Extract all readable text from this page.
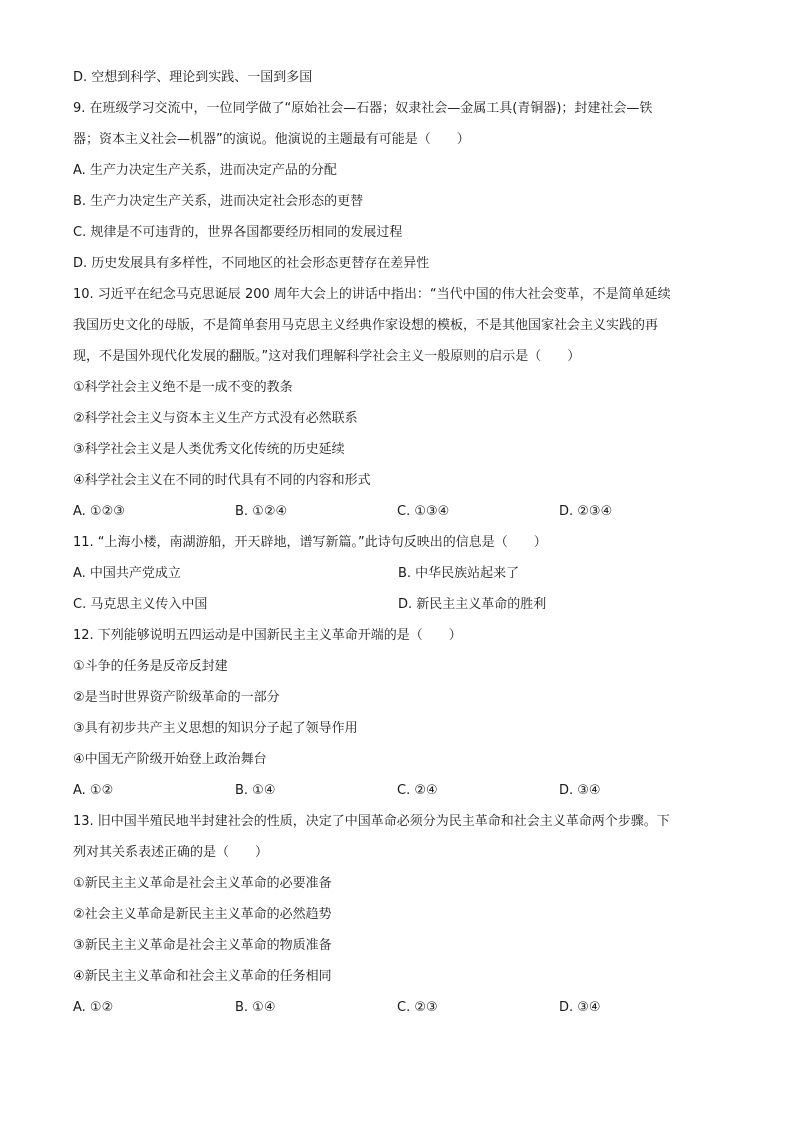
D. 空想到科学、理论到实践、一国到多国
9. 在班级学习交流中，一位同学做了“原始社会—石器；奴隶社会—金属工具(青铜器)；封建社会—铁
器；资本主义社会—机器”的演说。他演说的主题最有可能是（　　）
A. 生产力决定生产关系，进而决定产品的分配
B. 生产力决定生产关系，进而决定社会形态的更替
C. 规律是不可违背的，世界各国都要经历相同的发展过程
D. 历史发展具有多样性，不同地区的社会形态更替存在差异性
10. 习近平在纪念马克思诞辰 200 周年大会上的讲话中指出：“当代中国的伟大社会变革，不是简单延续
我国历史文化的母版，不是简单套用马克思主义经典作家设想的模板，不是其他国家社会主义实践的再
现，不是国外现代化发展的翻版。”这对我们理解科学社会主义一般原则的启示是（　　）
①科学社会主义绝不是一成不变的教条
②科学社会主义与资本主义生产方式没有必然联系
③科学社会主义是人类优秀文化传统的历史延续
④科学社会主义在不同的时代具有不同的内容和形式
A. ①②③	B. ①②④	C. ①③④	D. ②③④
11. “上海小楼，南湖游船，开天辟地，谱写新篇。”此诗句反映出的信息是（　　）
A. 中国共产党成立	B. 中华民族站起来了
C. 马克思主义传入中国	D. 新民主主义革命的胜利
12. 下列能够说明五四运动是中国新民主主义革命开端的是（　　）
①斗争的任务是反帝反封建
②是当时世界资产阶级革命的一部分
③具有初步共产主义思想的知识分子起了领导作用
④中国无产阶级开始登上政治舞台
A. ①②	B. ①④	C. ②④	D. ③④
13. 旧中国半殖民地半封建社会的性质，决定了中国革命必须分为民主革命和社会主义革命两个步骤。下
列对其关系表述正确的是（　　）
①新民主主义革命是社会主义革命的必要准备
②社会主义革命是新民主主义革命的必然趋势
③新民主主义革命是社会主义革命的物质准备
④新民主主义革命和社会主义革命的任务相同
A. ①②	B. ①④	C. ②③	D. ③④
